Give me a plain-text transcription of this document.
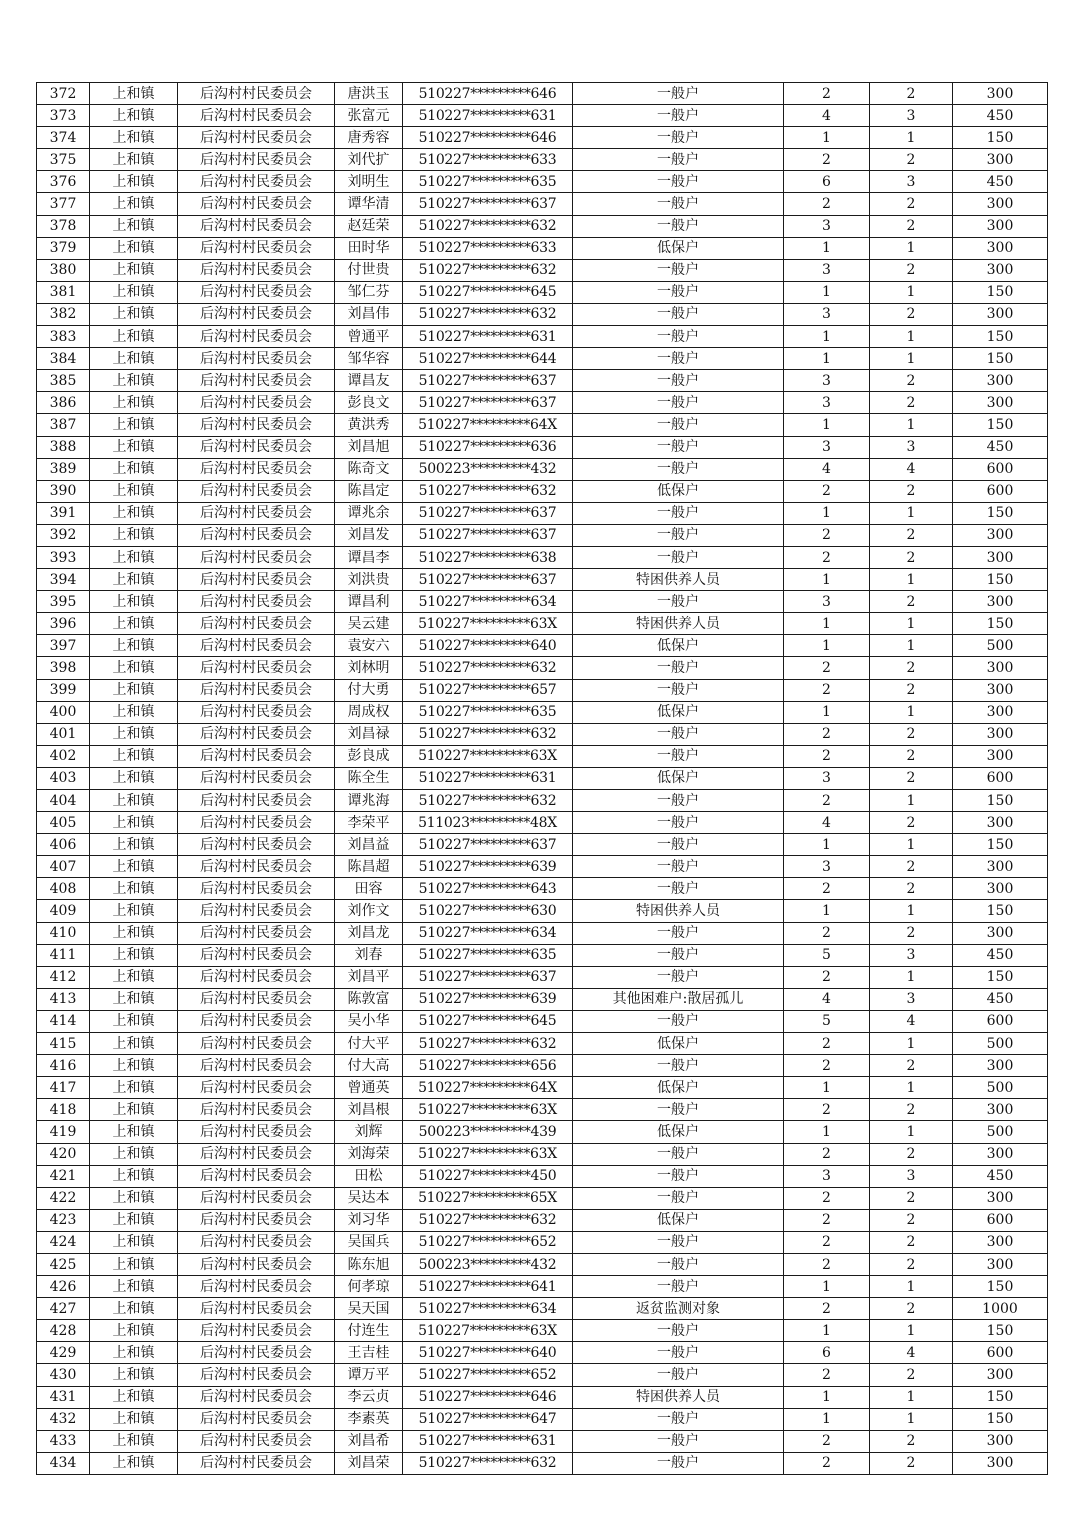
372	上和镇	后沟村村民委员会	唐洪玉	510227*********646	一般户	2	2	300
373	上和镇	后沟村村民委员会	张富元	510227*********631	一般户	4	3	450
374	上和镇	后沟村村民委员会	唐秀容	510227*********646	一般户	1	1	150
375	上和镇	后沟村村民委员会	刘代扩	510227*********633	一般户	2	2	300
376	上和镇	后沟村村民委员会	刘明生	510227*********635	一般户	6	3	450
377	上和镇	后沟村村民委员会	谭华清	510227*********637	一般户	2	2	300
378	上和镇	后沟村村民委员会	赵廷荣	510227*********632	一般户	3	2	300
379	上和镇	后沟村村民委员会	田时华	510227*********633	低保户	1	1	300
380	上和镇	后沟村村民委员会	付世贵	510227*********632	一般户	3	2	300
381	上和镇	后沟村村民委员会	邹仁芬	510227*********645	一般户	1	1	150
382	上和镇	后沟村村民委员会	刘昌伟	510227*********632	一般户	3	2	300
383	上和镇	后沟村村民委员会	曾通平	510227*********631	一般户	1	1	150
384	上和镇	后沟村村民委员会	邹华容	510227*********644	一般户	1	1	150
385	上和镇	后沟村村民委员会	谭昌友	510227*********637	一般户	3	2	300
386	上和镇	后沟村村民委员会	彭良文	510227*********637	一般户	3	2	300
387	上和镇	后沟村村民委员会	黄洪秀	510227*********64X	一般户	1	1	150
388	上和镇	后沟村村民委员会	刘昌旭	510227*********636	一般户	3	3	450
389	上和镇	后沟村村民委员会	陈奇文	500223*********432	一般户	4	4	600
390	上和镇	后沟村村民委员会	陈昌定	510227*********632	低保户	2	2	600
391	上和镇	后沟村村民委员会	谭兆余	510227*********637	一般户	1	1	150
392	上和镇	后沟村村民委员会	刘昌发	510227*********637	一般户	2	2	300
393	上和镇	后沟村村民委员会	谭昌李	510227*********638	一般户	2	2	300
394	上和镇	后沟村村民委员会	刘洪贵	510227*********637	特困供养人员	1	1	150
395	上和镇	后沟村村民委员会	谭昌利	510227*********634	一般户	3	2	300
396	上和镇	后沟村村民委员会	吴云建	510227*********63X	特困供养人员	1	1	150
397	上和镇	后沟村村民委员会	袁安六	510227*********640	低保户	1	1	500
398	上和镇	后沟村村民委员会	刘林明	510227*********632	一般户	2	2	300
399	上和镇	后沟村村民委员会	付大勇	510227*********657	一般户	2	2	300
400	上和镇	后沟村村民委员会	周成权	510227*********635	低保户	1	1	300
401	上和镇	后沟村村民委员会	刘昌禄	510227*********632	一般户	2	2	300
402	上和镇	后沟村村民委员会	彭良成	510227*********63X	一般户	2	2	300
403	上和镇	后沟村村民委员会	陈全生	510227*********631	低保户	3	2	600
404	上和镇	后沟村村民委员会	谭兆海	510227*********632	一般户	2	1	150
405	上和镇	后沟村村民委员会	李荣平	511023*********48X	一般户	4	2	300
406	上和镇	后沟村村民委员会	刘昌益	510227*********637	一般户	1	1	150
407	上和镇	后沟村村民委员会	陈昌超	510227*********639	一般户	3	2	300
408	上和镇	后沟村村民委员会	田容	510227*********643	一般户	2	2	300
409	上和镇	后沟村村民委员会	刘作文	510227*********630	特困供养人员	1	1	150
410	上和镇	后沟村村民委员会	刘昌龙	510227*********634	一般户	2	2	300
411	上和镇	后沟村村民委员会	刘春	510227*********635	一般户	5	3	450
412	上和镇	后沟村村民委员会	刘昌平	510227*********637	一般户	2	1	150
413	上和镇	后沟村村民委员会	陈敦富	510227*********639	其他困难户:散居孤儿	4	3	450
414	上和镇	后沟村村民委员会	吴小华	510227*********645	一般户	5	4	600
415	上和镇	后沟村村民委员会	付大平	510227*********632	低保户	2	1	500
416	上和镇	后沟村村民委员会	付大高	510227*********656	一般户	2	2	300
417	上和镇	后沟村村民委员会	曾通英	510227*********64X	低保户	1	1	500
418	上和镇	后沟村村民委员会	刘昌根	510227*********63X	一般户	2	2	300
419	上和镇	后沟村村民委员会	刘辉	500223*********439	低保户	1	1	500
420	上和镇	后沟村村民委员会	刘海荣	510227*********63X	一般户	2	2	300
421	上和镇	后沟村村民委员会	田松	510227*********450	一般户	3	3	450
422	上和镇	后沟村村民委员会	吴达本	510227*********65X	一般户	2	2	300
423	上和镇	后沟村村民委员会	刘习华	510227*********632	低保户	2	2	600
424	上和镇	后沟村村民委员会	吴国兵	510227*********652	一般户	2	2	300
425	上和镇	后沟村村民委员会	陈东旭	500223*********432	一般户	2	2	300
426	上和镇	后沟村村民委员会	何孝琼	510227*********641	一般户	1	1	150
427	上和镇	后沟村村民委员会	吴天国	510227*********634	返贫监测对象	2	2	1000
428	上和镇	后沟村村民委员会	付连生	510227*********63X	一般户	1	1	150
429	上和镇	后沟村村民委员会	王吉桂	510227*********640	一般户	6	4	600
430	上和镇	后沟村村民委员会	谭万平	510227*********652	一般户	2	2	300
431	上和镇	后沟村村民委员会	李云贞	510227*********646	特困供养人员	1	1	150
432	上和镇	后沟村村民委员会	李素英	510227*********647	一般户	1	1	150
433	上和镇	后沟村村民委员会	刘昌希	510227*********631	一般户	2	2	300
434	上和镇	后沟村村民委员会	刘昌荣	510227*********632	一般户	2	2	300
